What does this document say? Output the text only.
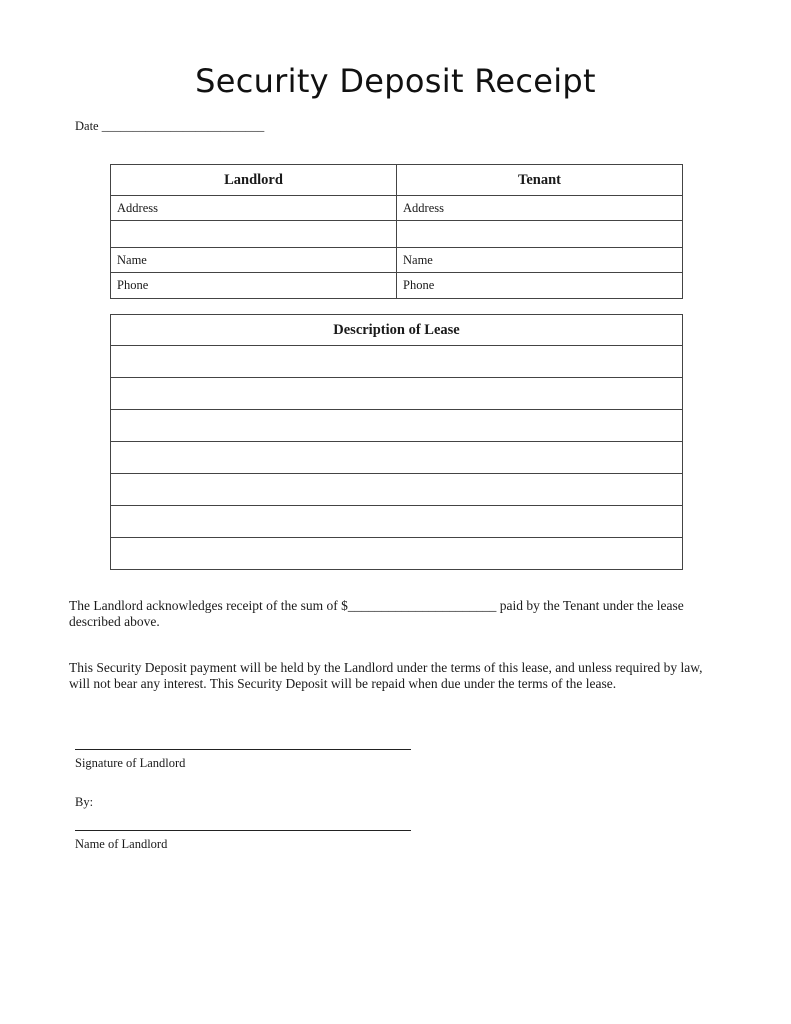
Security Deposit Receipt
Date __________________________
Landlord	Tenant
Address	Address

Name	Name
Phone	Phone
Description of Lease

The Landlord acknowledges receipt of the sum of $______________________ paid by the Tenant under the lease described above.
This Security Deposit payment will be held by the Landlord under the terms of this lease, and unless required by law, will not bear any interest. This Security Deposit will be repaid when due under the terms of the lease.
Signature of Landlord
By:
Name of Landlord
